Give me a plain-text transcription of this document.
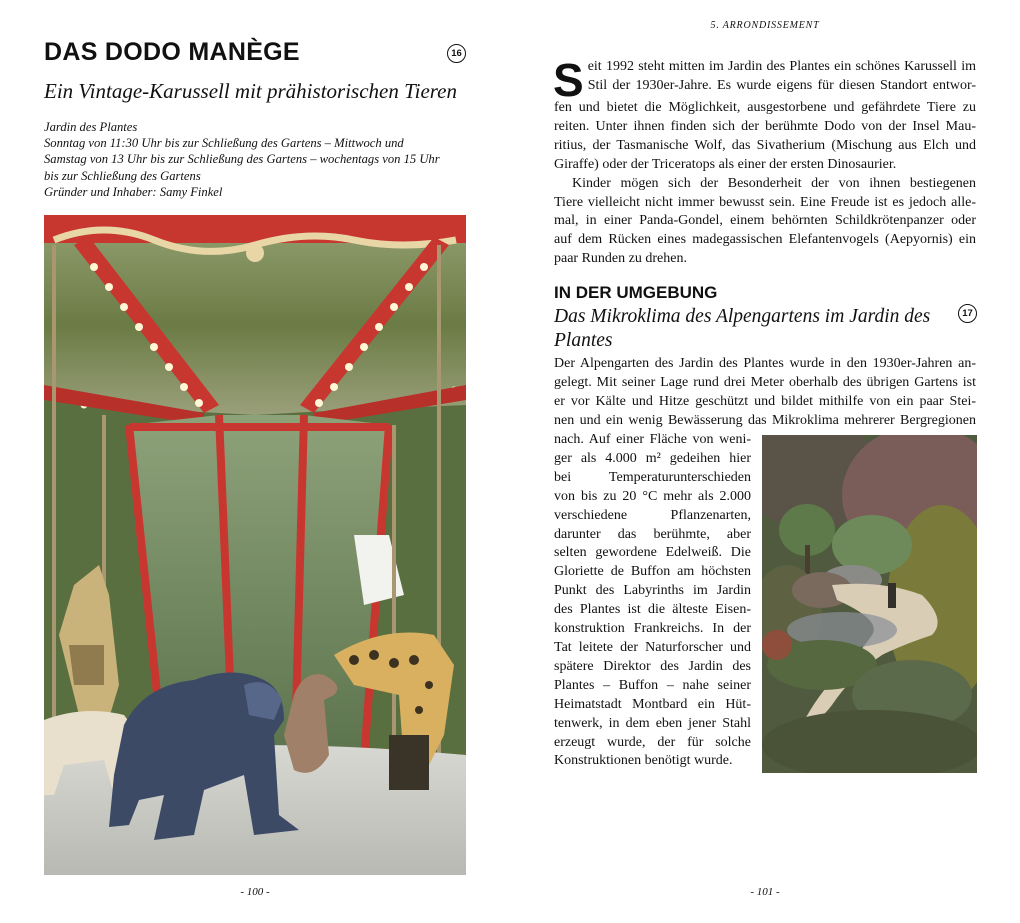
DAS DODO MANÈGE	16
Ein Vintage-Karussell mit prähistorischen Tieren
Jardin des Plantes
Sonntag von 11:30 Uhr bis zur Schließung des Gartens – Mittwoch und
Samstag von 13 Uhr bis zur Schließung des Gartens – wochentags von 15 Uhr
bis zur Schließung des Gartens
Gründer und Inhaber: Samy Finkel
- 100 -
5. ARRONDISSEMENT
S eit 1992 steht mitten im Jardin des Plantes ein schönes Karussell im
Stil der 1930er-Jahre. Es wurde eigens für diesen Standort entwor-
fen und bietet die Möglichkeit, ausgestorbene und gefährdete Tiere zu
reiten. Unter ihnen finden sich der berühmte Dodo von der Insel Mau-
ritius, der Tasmanische Wolf, das Sivatherium (Mischung aus Elch und
Giraffe) oder der Triceratops als einer der ersten Dinosaurier.
Kinder mögen sich der Besonderheit der von ihnen bestiegenen
Tiere vielleicht nicht immer bewusst sein. Eine Freude ist es jedoch alle-
mal, in einer Panda-Gondel, einem behörnten Schildkrötenpanzer oder
auf dem Rücken eines madegassischen Elefantenvogels (Aepyornis) ein
paar Runden zu drehen.
IN DER UMGEBUNG
Das Mikroklima des Alpengartens im Jardin des
Plantes
17
Der Alpengarten des Jardin des Plantes wurde in den 1930er-Jahren an-
gelegt. Mit seiner Lage rund drei Meter oberhalb des übrigen Gartens ist
er vor Kälte und Hitze geschützt und bildet mithilfe von ein paar Stei-
nen und ein wenig Bewässerung das Mikroklima mehrerer Bergregionen
nach. Auf einer Fläche von weni-
ger als 4.000 m² gedeihen hier
bei Temperaturunterschieden
von bis zu 20 °C mehr als 2.000
verschiedene Pflanzenarten,
darunter das berühmte, aber
selten gewordene Edelweiß. Die
Gloriette de Buffon am höchsten
Punkt des Labyrinths im Jardin
des Plantes ist die älteste Eisen-
konstruktion Frankreichs. In der
Tat leitete der Naturforscher und
spätere Direktor des Jardin des
Plantes – Buffon – nahe seiner
Heimatstadt Montbard ein Hüt-
tenwerk, in dem eben jener Stahl
erzeugt wurde, der für solche
Konstruktionen benötigt wurde.
- 101 -
